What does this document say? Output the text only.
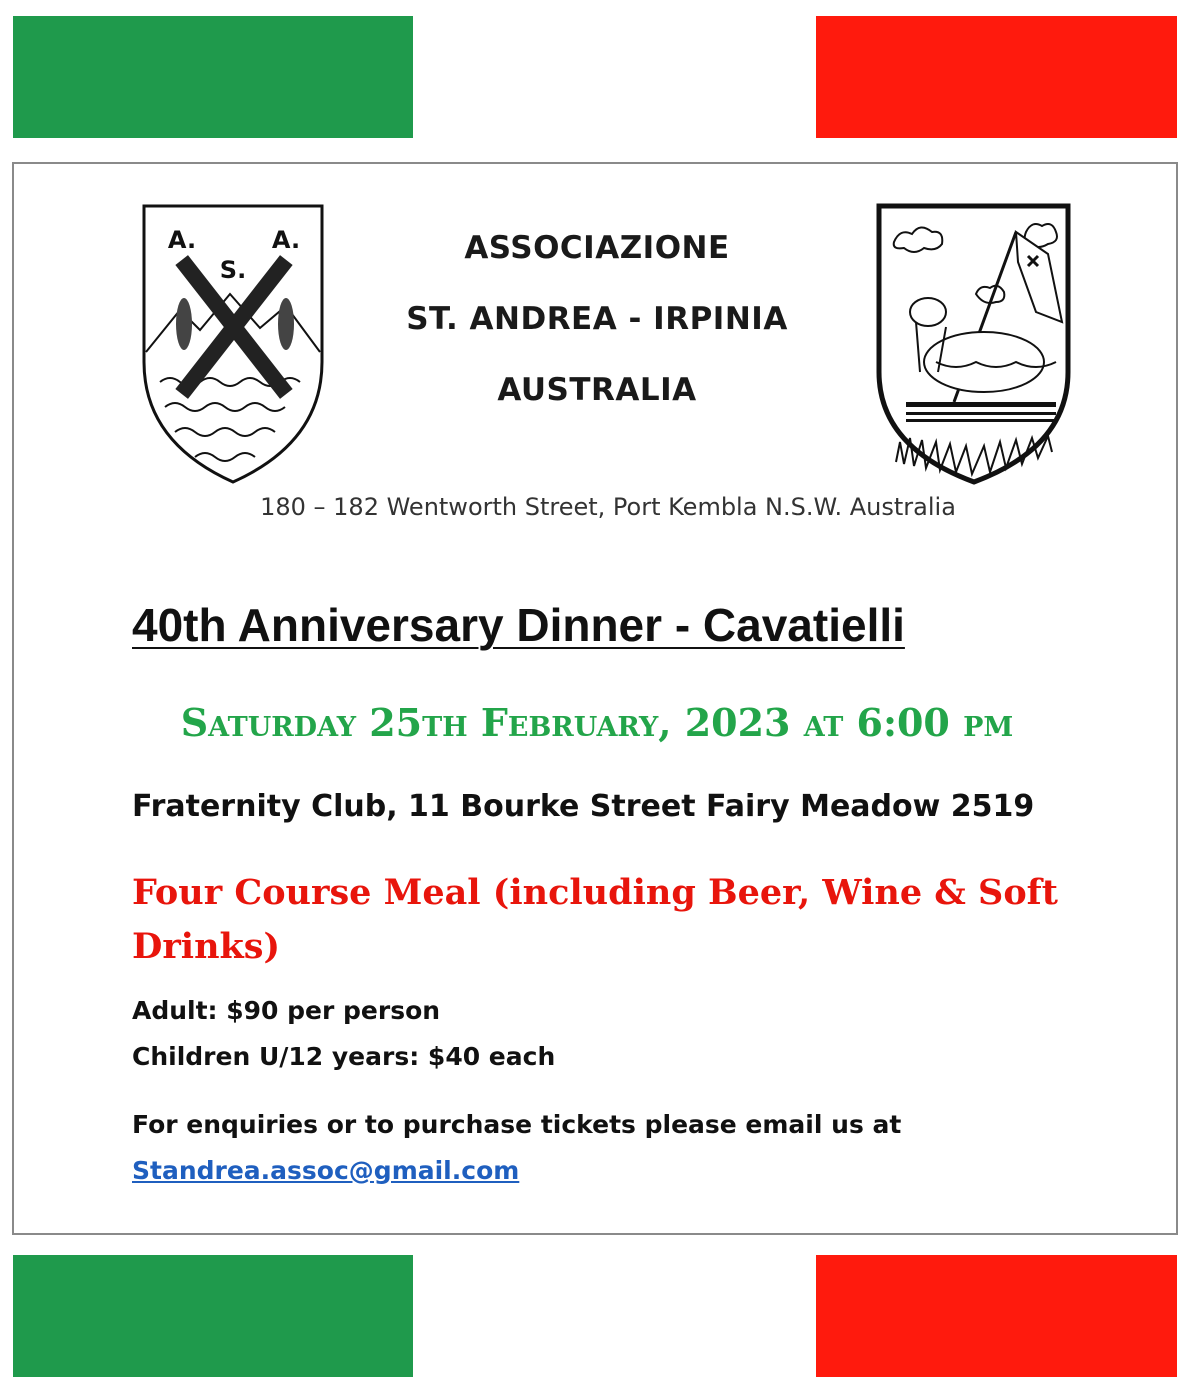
A.
S.
A.	ASSOCIAZIONE
ST. ANDREA - IRPINIA
AUSTRALIA
180 – 182 Wentworth Street, Port Kembla N.S.W. Australia
40th Anniversary Dinner - Cavatielli
Saturday 25th February, 2023 at 6:00 pm
Fraternity Club, 11 Bourke Street Fairy Meadow 2519
Four Course Meal (including Beer, Wine & Soft Drinks)
Adult: $90 per person
Children U/12 years: $40 each
For enquiries or to purchase tickets please email us at
Standrea.assoc@gmail.com
